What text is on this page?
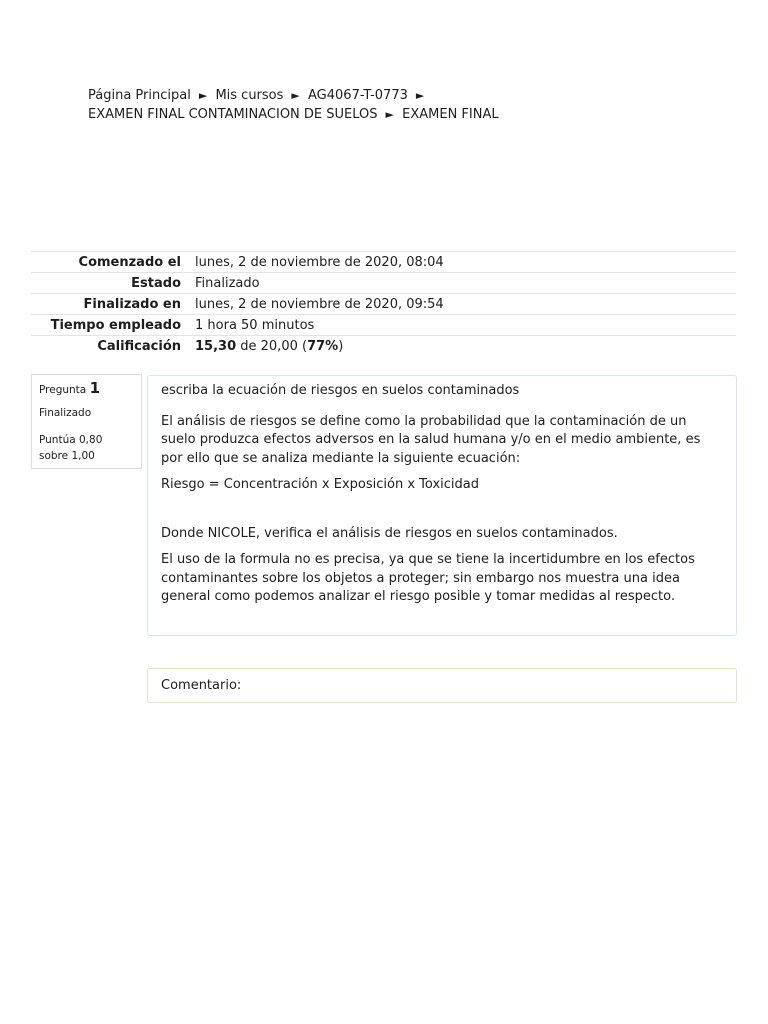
Página Principal ► Mis cursos ► AG4067-T-0773 ►
EXAMEN FINAL CONTAMINACION DE SUELOS ► EXAMEN FINAL
Comenzado el	lunes, 2 de noviembre de 2020, 08:04
Estado	Finalizado
Finalizado en	lunes, 2 de noviembre de 2020, 09:54
Tiempo empleado	1 hora 50 minutos
Calificación	15,30 de 20,00 (77%)
Pregunta 1
Finalizado
Puntúa 0,80 sobre 1,00

escriba la ecuación de riesgos en suelos contaminados

El análisis de riesgos se define como la probabilidad que la contaminación de un suelo produzca efectos adversos en la salud humana y/o en el medio ambiente, es por ello que se analiza mediante la siguiente ecuación:

Riesgo = Concentración x Exposición x Toxicidad

Donde NICOLE, verifica el análisis de riesgos en suelos contaminados.

El uso de la formula no es precisa, ya que se tiene la incertidumbre en los efectos contaminantes sobre los objetos a proteger; sin embargo nos muestra una idea general como podemos analizar el riesgo posible y tomar medidas al respecto.

Comentario:
